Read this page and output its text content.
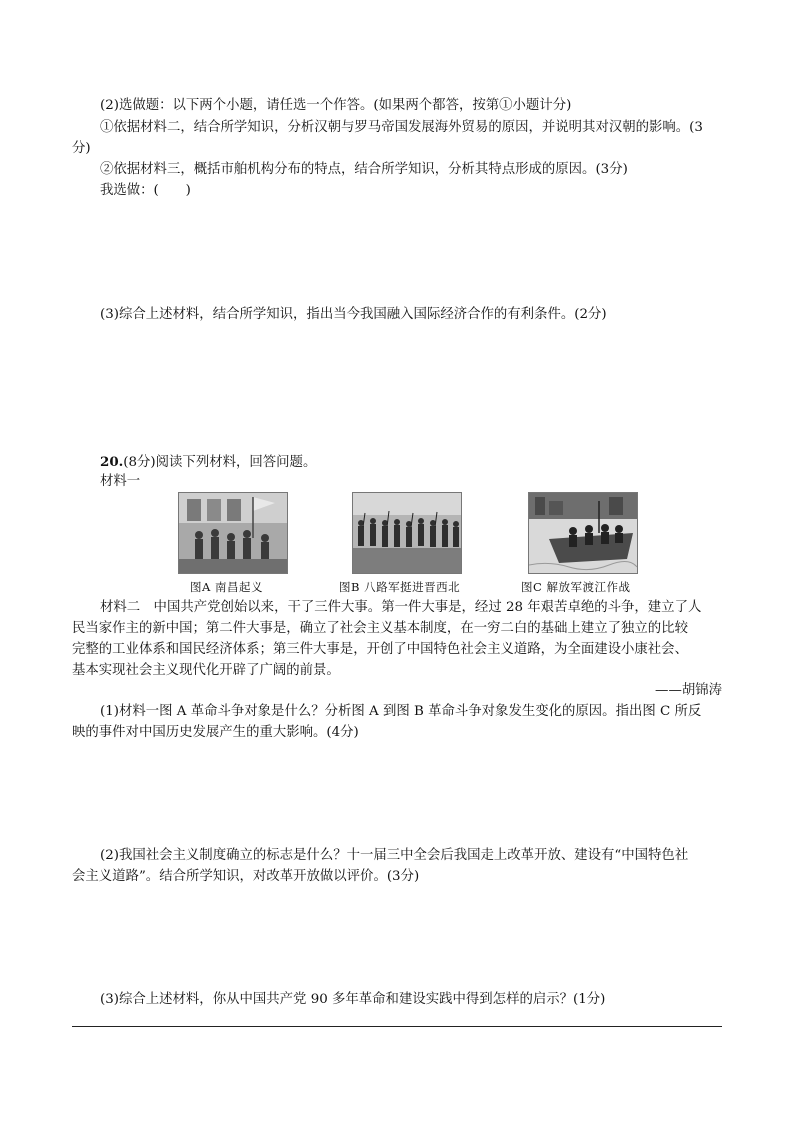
(2)选做题：以下两个小题，请任选一个作答。(如果两个都答，按第①小题计分)
①依据材料二，结合所学知识，分析汉朝与罗马帝国发展海外贸易的原因，并说明其对汉朝的影响。(3
分)
②依据材料三，概括市舶机构分布的特点，结合所学知识，分析其特点形成的原因。(3分)
我选做：(　　)
(3)综合上述材料，结合所学知识，指出当今我国融入国际经济合作的有利条件。(2分)
20.(8分)阅读下列材料，回答问题。
材料一
图A 南昌起义	图B 八路军挺进晋西北	图C 解放军渡江作战
材料二　中国共产党创始以来，干了三件大事。第一件大事是，经过 28 年艰苦卓绝的斗争，建立了人
民当家作主的新中国；第二件大事是，确立了社会主义基本制度，在一穷二白的基础上建立了独立的比较
完整的工业体系和国民经济体系；第三件大事是，开创了中国特色社会主义道路，为全面建设小康社会、
基本实现社会主义现代化开辟了广阔的前景。
——胡锦涛
(1)材料一图 A 革命斗争对象是什么？分析图 A 到图 B 革命斗争对象发生变化的原因。指出图 C 所反
映的事件对中国历史发展产生的重大影响。(4分)
(2)我国社会主义制度确立的标志是什么？十一届三中全会后我国走上改革开放、建设有“中国特色社
会主义道路”。结合所学知识，对改革开放做以评价。(3分)
(3)综合上述材料，你从中国共产党 90 多年革命和建设实践中得到怎样的启示？(1分)
